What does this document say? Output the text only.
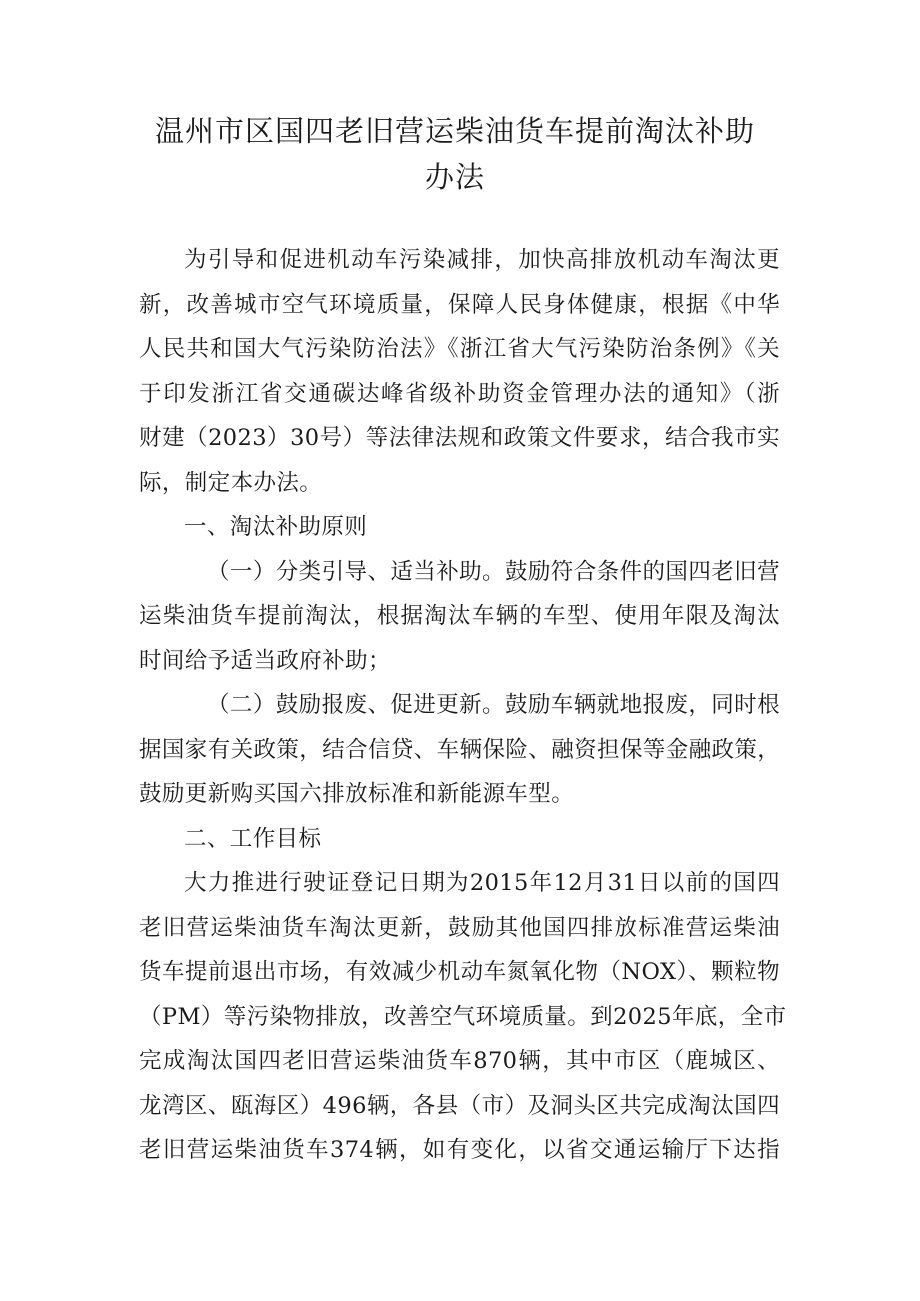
温州市区国四老旧营运柴油货车提前淘汰补助
办法
为引导和促进机动车污染减排，加快高排放机动车淘汰更
新，改善城市空气环境质量，保障人民身体健康，根据《中华
人民共和国大气污染防治法》《浙江省大气污染防治条例》《关
于印发浙江省交通碳达峰省级补助资金管理办法的通知》（浙
财建（2023）30号）等法律法规和政策文件要求，结合我市实
际，制定本办法。
一、淘汰补助原则
（一）分类引导、适当补助。鼓励符合条件的国四老旧营
运柴油货车提前淘汰，根据淘汰车辆的车型、使用年限及淘汰
时间给予适当政府补助；
（二）鼓励报废、促进更新。鼓励车辆就地报废，同时根
据国家有关政策，结合信贷、车辆保险、融资担保等金融政策，
鼓励更新购买国六排放标准和新能源车型。
二、工作目标
大力推进行驶证登记日期为2015年12月31日以前的国四
老旧营运柴油货车淘汰更新，鼓励其他国四排放标准营运柴油
货车提前退出市场，有效减少机动车氮氧化物（NOX）、颗粒物
（PM）等污染物排放，改善空气环境质量。到2025年底，全市
完成淘汰国四老旧营运柴油货车870辆，其中市区（鹿城区、
龙湾区、瓯海区）496辆，各县（市）及洞头区共完成淘汰国四
老旧营运柴油货车374辆，如有变化，以省交通运输厅下达指
